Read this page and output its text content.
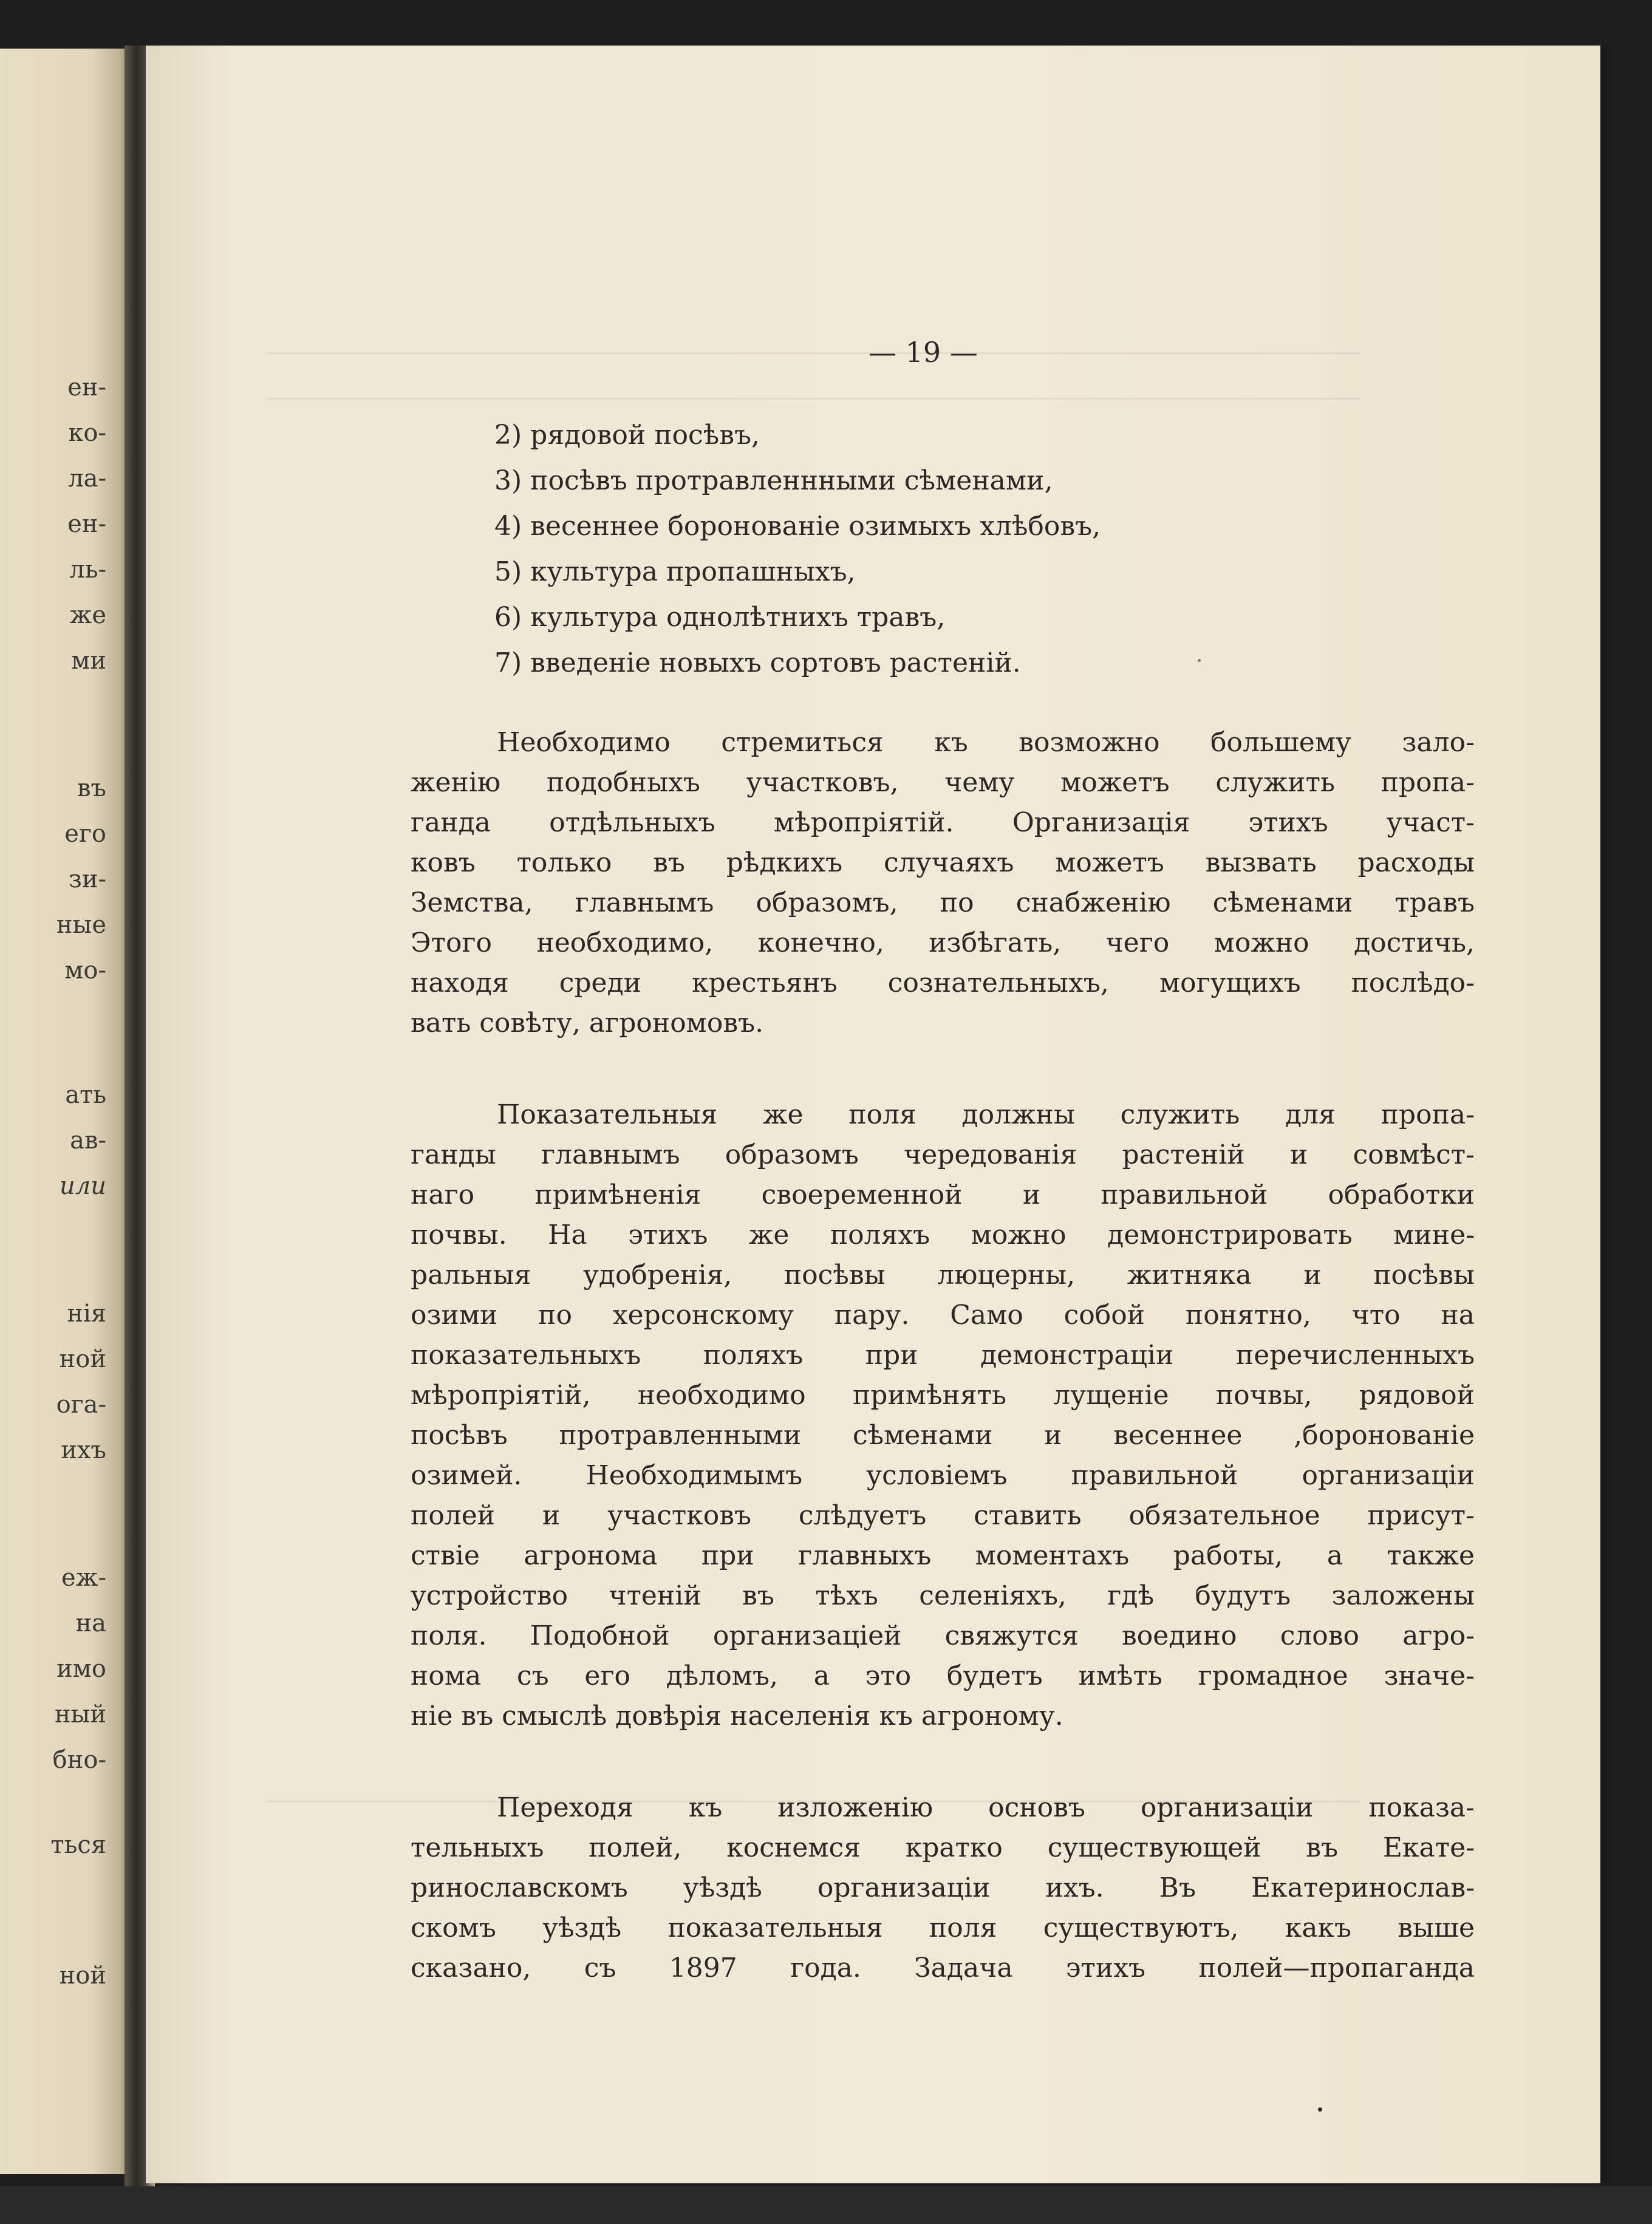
ен-
ко-
ла-
ен-
ль-
же
ми
въ
его
зи-
ные
мо-
ать
ав-
или
нія
ной
ога-
ихъ
еж-
на
имо
ный
бно-
ться
ной
— 19 —
2) рядовой посѣвъ,
3) посѣвъ протравленнными сѣменами,
4) весеннее боронованіе озимыхъ хлѣбовъ,
5) культура пропашныхъ,
6) культура однолѣтнихъ травъ,
7) введеніе новыхъ сортовъ растеній.
Необходимо стремиться къ возможно большему зало-
женію подобныхъ участковъ, чему можетъ служить пропа-
ганда отдѣльныхъ мѣропріятій. Организація этихъ участ-
ковъ только въ рѣдкихъ случаяхъ можетъ вызвать расходы
Земства, главнымъ образомъ, по снабженію сѣменами травъ
Этого необходимо, конечно, избѣгать, чего можно достичь,
находя среди крестьянъ сознательныхъ, могущихъ послѣдо-
вать совѣту, агрономовъ.
Показательныя же поля должны служить для пропа-
ганды главнымъ образомъ чередованія растеній и совмѣст-
наго примѣненія своеременной и правильной обработки
почвы. На этихъ же поляхъ можно демонстрировать мине-
ральныя удобренія, посѣвы люцерны, житняка и посѣвы
озими по херсонскому пару. Само собой понятно, что на
показательныхъ поляхъ при демонстраціи перечисленныхъ
мѣропріятій, необходимо примѣнять лущеніе почвы, рядовой
посѣвъ протравленными сѣменами и весеннее ,боронованіе
озимей. Необходимымъ условіемъ правильной организаціи
полей и участковъ слѣдуетъ ставить обязательное присут-
ствіе агронома при главныхъ моментахъ работы, а также
устройство чтеній въ тѣхъ селеніяхъ, гдѣ будутъ заложены
поля. Подобной организаціей свяжутся воедино слово агро-
нома съ его дѣломъ, а это будетъ имѣть громадное значе-
ніе въ смыслѣ довѣрія населенія къ агроному.
Переходя къ изложенію основъ организаціи показа-
тельныхъ полей, коснемся кратко существующей въ Екате-
ринославскомъ уѣздѣ организаціи ихъ. Въ Екатеринослав-
скомъ уѣздѣ показательныя поля существуютъ, какъ выше
сказано, съ 1897 года. Задача этихъ полей—пропаганда
